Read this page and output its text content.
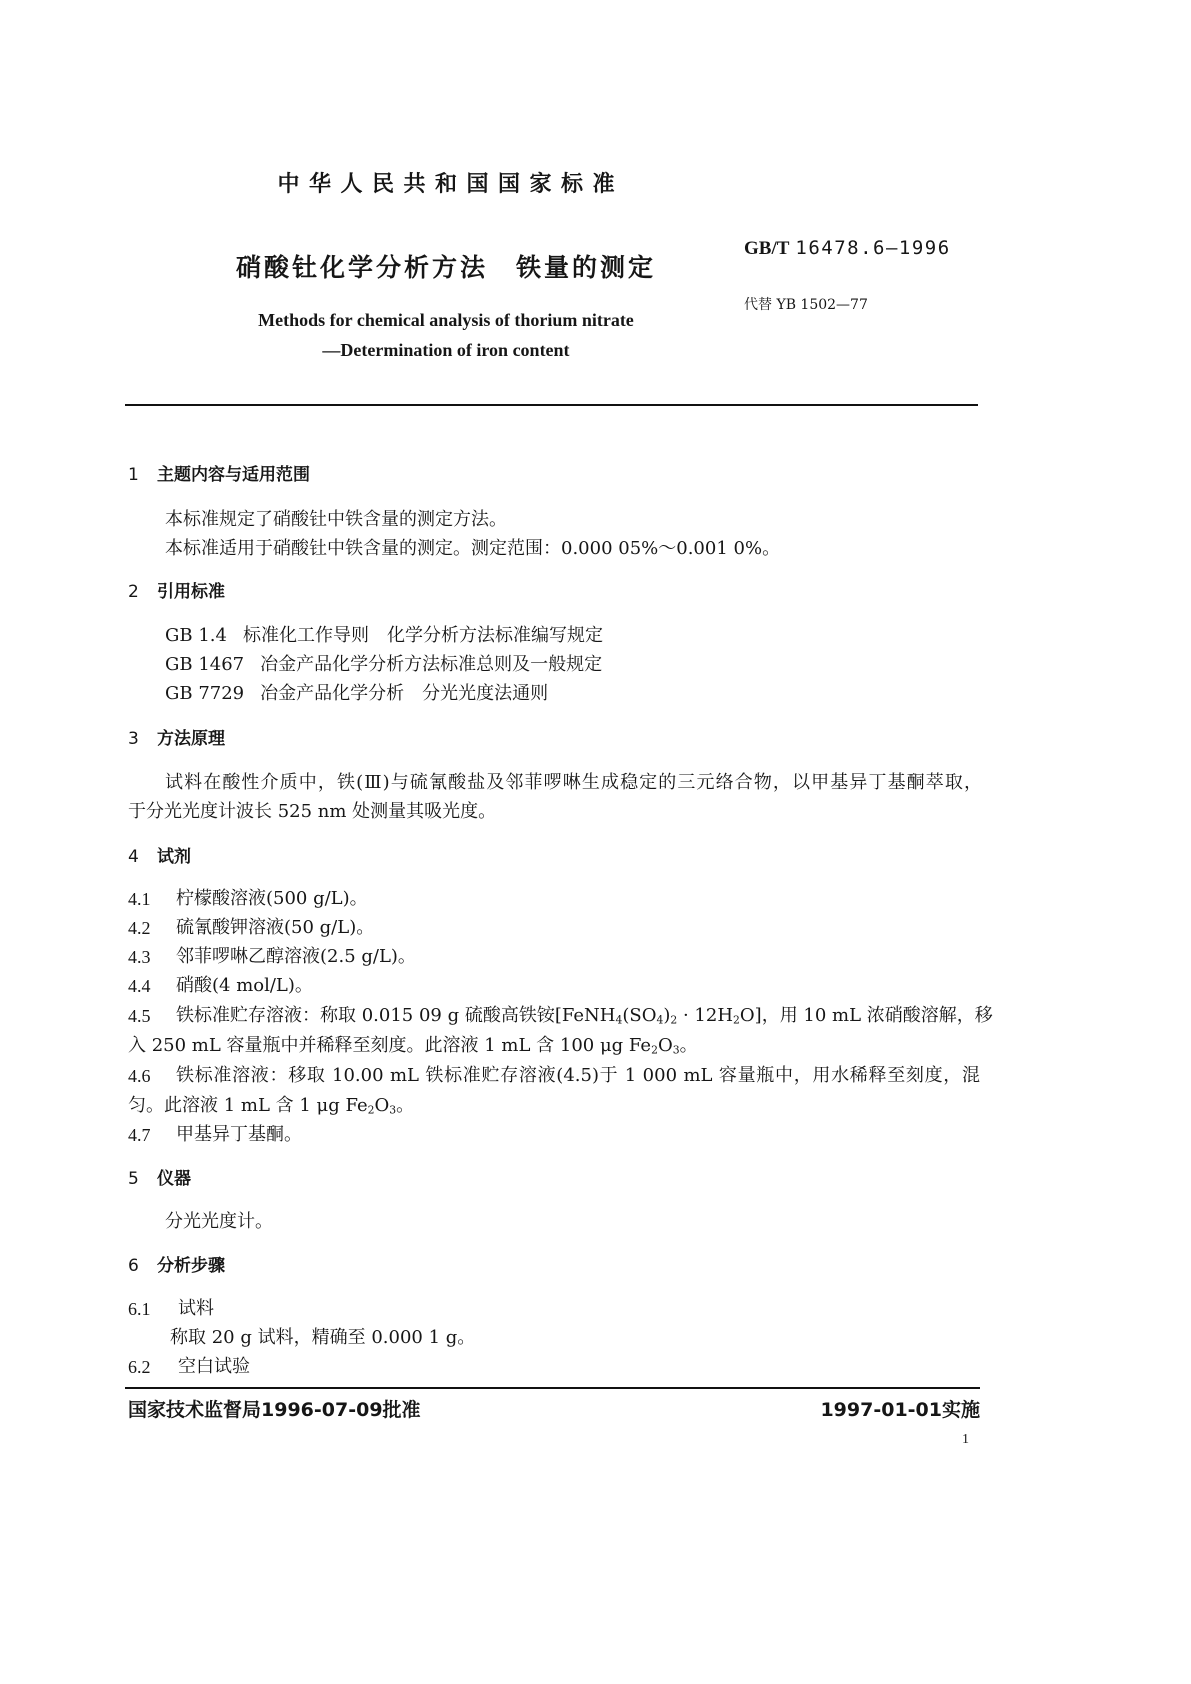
中华人民共和国国家标准
硝酸钍化学分析方法　铁量的测定
GB/T 16478.6—1996
代替 YB 1502—77
Methods for chemical analysis of thorium nitrate
—Determination of iron content
1 主题内容与适用范围
本标准规定了硝酸钍中铁含量的测定方法。
本标准适用于硝酸钍中铁含量的测定。测定范围：0.000 05%～0.001 0%。
2 引用标准
GB 1.4 标准化工作导则　化学分析方法标准编写规定
GB 1467 冶金产品化学分析方法标准总则及一般规定
GB 7729 冶金产品化学分析　分光光度法通则
3 方法原理
试料在酸性介质中，铁(Ⅲ)与硫氰酸盐及邻菲啰啉生成稳定的三元络合物，以甲基异丁基酮萃取，
于分光光度计波长 525 nm 处测量其吸光度。
4 试剂
4.1 柠檬酸溶液(500 g/L)。
4.2 硫氰酸钾溶液(50 g/L)。
4.3 邻菲啰啉乙醇溶液(2.5 g/L)。
4.4 硝酸(4 mol/L)。
4.5 铁标准贮存溶液：称取 0.015 09 g 硫酸高铁铵$[FeNH_4(SO_4)_2 \cdot 12H_2O]$，用 10 mL 浓硝酸溶解，移
入 250 mL 容量瓶中并稀释至刻度。此溶液 1 mL 含 100 μg $Fe_2O_3$。
4.6 铁标准溶液：移取 10.00 mL 铁标准贮存溶液(4.5)于 1 000 mL 容量瓶中，用水稀释至刻度，混
匀。此溶液 1 mL 含 1 μg $Fe_2O_3$。
4.7 甲基异丁基酮。
5 仪器
分光光度计。
6 分析步骤
6.1 试料
称取 20 g 试料，精确至 0.000 1 g。
6.2 空白试验
国家技术监督局1996-07-09批准	1997-01-01实施
1
